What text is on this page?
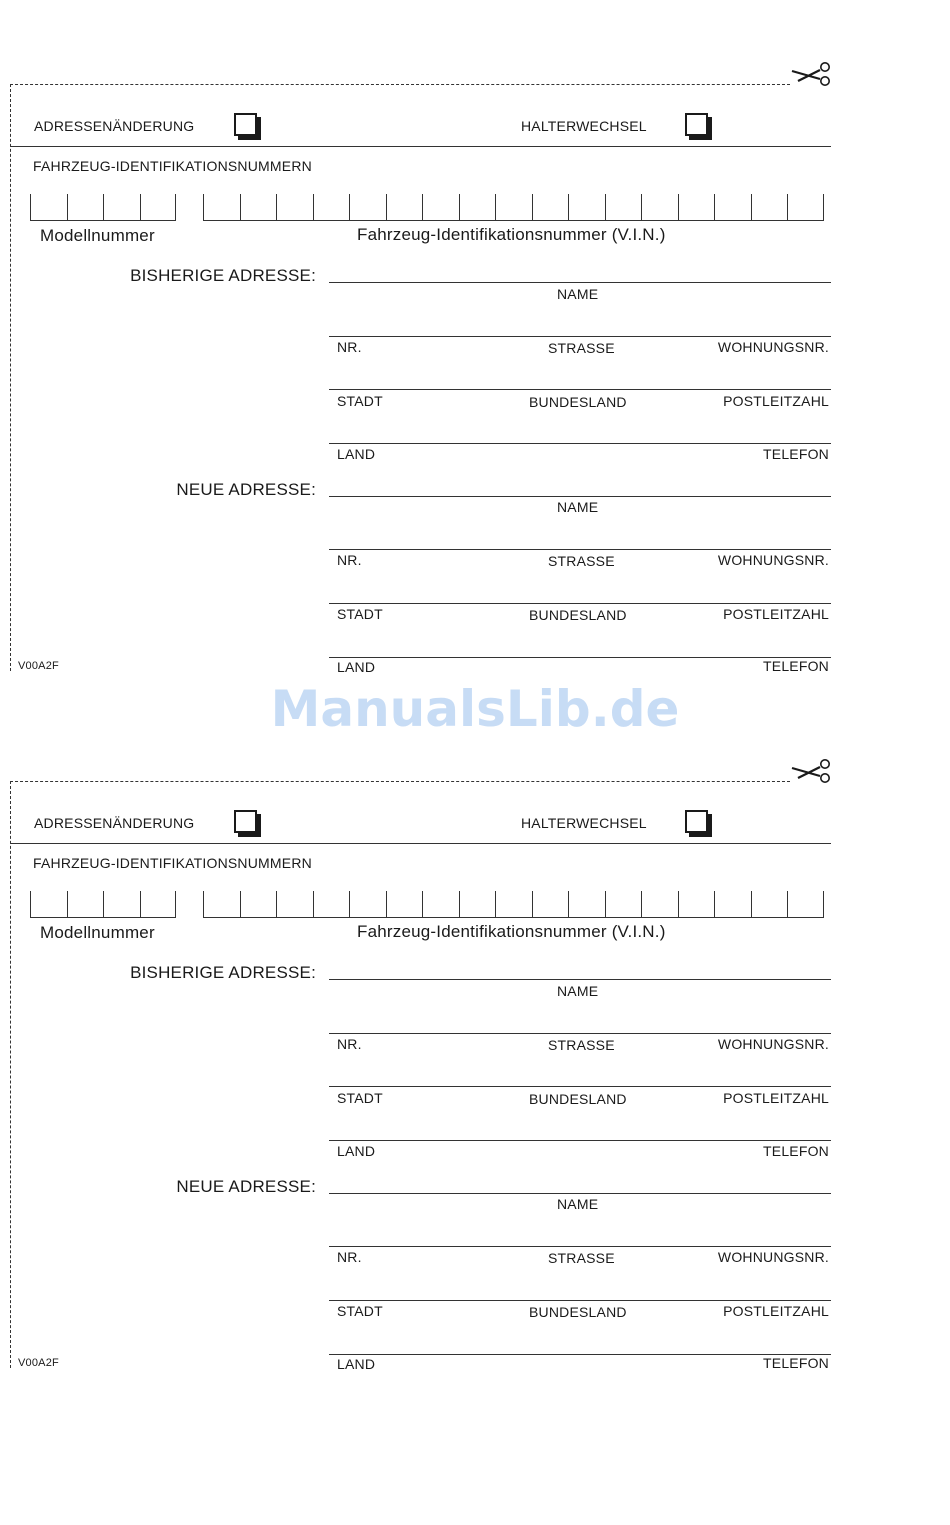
ADRESSENÄNDERUNG	HALTERWECHSEL
FAHRZEUG-IDENTIFIKATIONSNUMMERN
Modellnummer	Fahrzeug-Identifikationsnummer (V.I.N.)
BISHERIGE ADRESSE:
NAME
NR.	STRASSE	WOHNUNGSNR.
STADT	BUNDESLAND	POSTLEITZAHL
LAND	TELEFON
NEUE ADRESSE:
NAME
NR.	STRASSE	WOHNUNGSNR.
STADT	BUNDESLAND	POSTLEITZAHL
LAND	TELEFON
V00A2F
ADRESSENÄNDERUNG	HALTERWECHSEL
FAHRZEUG-IDENTIFIKATIONSNUMMERN
Modellnummer	Fahrzeug-Identifikationsnummer (V.I.N.)
BISHERIGE ADRESSE:
NAME
NR.	STRASSE	WOHNUNGSNR.
STADT	BUNDESLAND	POSTLEITZAHL
LAND	TELEFON
NEUE ADRESSE:
NAME
NR.	STRASSE	WOHNUNGSNR.
STADT	BUNDESLAND	POSTLEITZAHL
LAND	TELEFON
V00A2F
ManualsLib.de
